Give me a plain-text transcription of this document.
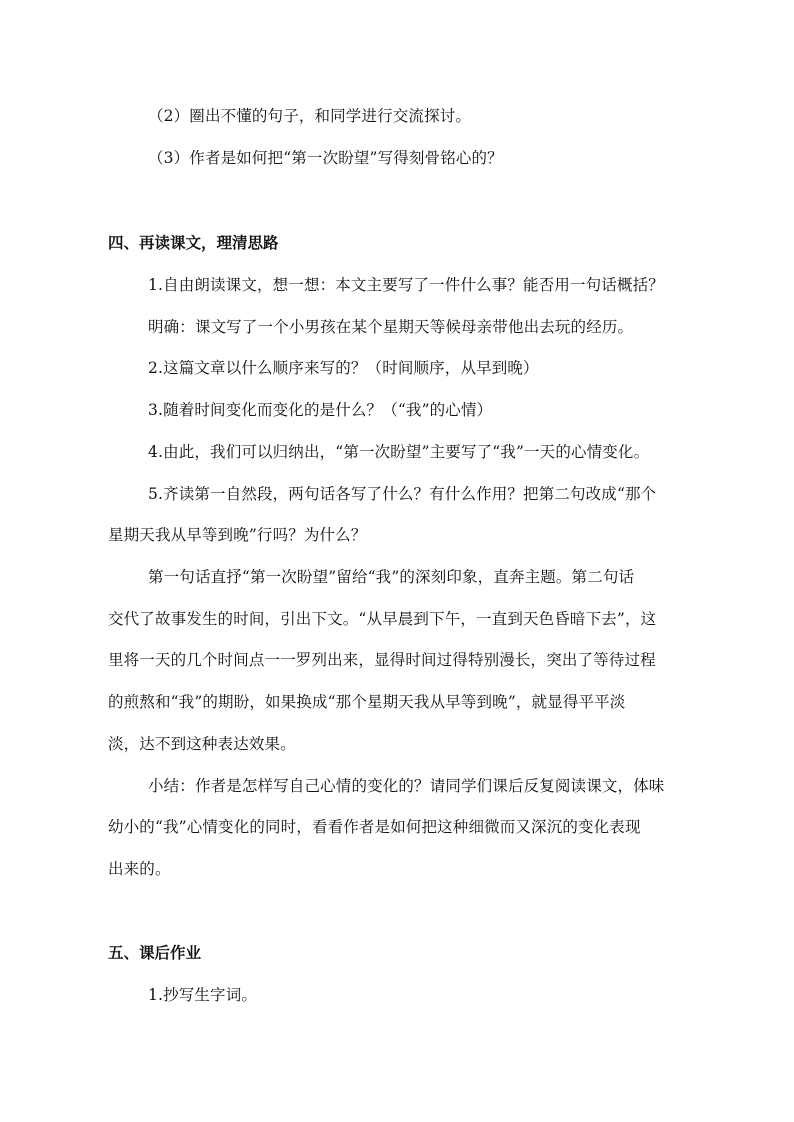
（2）圈出不懂的句子，和同学进行交流探讨。
（3）作者是如何把“第一次盼望”写得刻骨铭心的？
四、再读课文，理清思路
1.自由朗读课文，想一想：本文主要写了一件什么事？能否用一句话概括？
明确：课文写了一个小男孩在某个星期天等候母亲带他出去玩的经历。
2.这篇文章以什么顺序来写的？（时间顺序，从早到晚）
3.随着时间变化而变化的是什么？（“我”的心情）
4.由此，我们可以归纳出，“第一次盼望”主要写了“我”一天的心情变化。
5.齐读第一自然段，两句话各写了什么？有什么作用？把第二句改成“那个
星期天我从早等到晚”行吗？为什么？
第一句话直抒“第一次盼望”留给“我”的深刻印象，直奔主题。第二句话
交代了故事发生的时间，引出下文。“从早晨到下午，一直到天色昏暗下去”，这
里将一天的几个时间点一一罗列出来，显得时间过得特别漫长，突出了等待过程
的煎熬和“我”的期盼，如果换成“那个星期天我从早等到晚”，就显得平平淡
淡，达不到这种表达效果。
小结：作者是怎样写自己心情的变化的？请同学们课后反复阅读课文，体味
幼小的“我”心情变化的同时，看看作者是如何把这种细微而又深沉的变化表现
出来的。
五、课后作业
1.抄写生字词。
